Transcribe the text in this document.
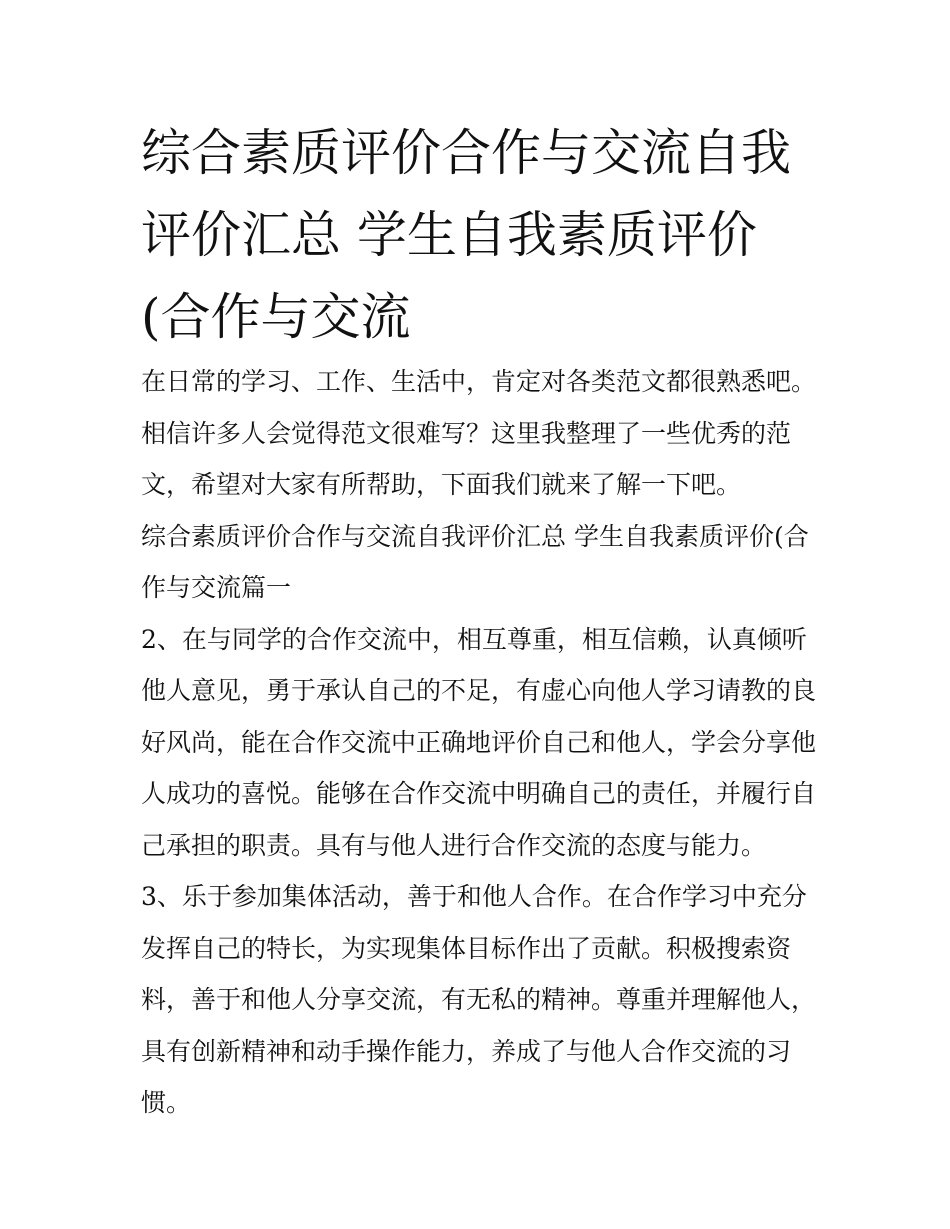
综合素质评价合作与交流自我
评价汇总 学生自我素质评价
(合作与交流
在日常的学习、工作、生活中，肯定对各类范文都很熟悉吧。
相信许多人会觉得范文很难写？这里我整理了一些优秀的范
文，希望对大家有所帮助，下面我们就来了解一下吧。
综合素质评价合作与交流自我评价汇总 学生自我素质评价(合
作与交流篇一
2、在与同学的合作交流中，相互尊重，相互信赖，认真倾听
他人意见，勇于承认自己的不足，有虚心向他人学习请教的良
好风尚，能在合作交流中正确地评价自己和他人，学会分享他
人成功的喜悦。能够在合作交流中明确自己的责任，并履行自
己承担的职责。具有与他人进行合作交流的态度与能力。
3、乐于参加集体活动，善于和他人合作。在合作学习中充分
发挥自己的特长，为实现集体目标作出了贡献。积极搜索资
料，善于和他人分享交流，有无私的精神。尊重并理解他人，
具有创新精神和动手操作能力，养成了与他人合作交流的习
惯。
